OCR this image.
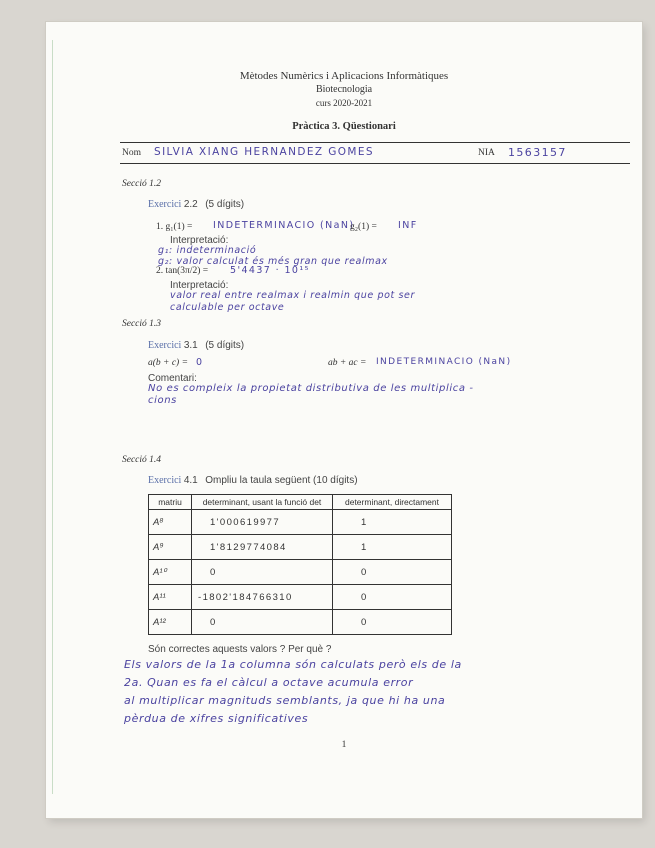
Mètodes Numèrics i Aplicacions Informàtiques
Biotecnologia
curs 2020-2021
Pràctica 3. Qüestionari
Nom SILVIA XIANG HERNANDEZ GOMES	NIA 1563157
Secció 1.2
Exercici 2.2 (5 dígits)
1. g₁(1) = INDETERMINACIO (NaN)
g₂(1) = INF
Interpretació:
g₁: indeterminació
g₂: valor calculat és més gran que realmax
2. tan(3π/2) = 5'4437 · 10¹⁵
Interpretació:
valor real entre realmax i realmin que pot ser
calculable per octave
Secció 1.3
Exercici 3.1 (5 dígits)
a(b + c) = 0	ab + ac = INDETERMINACIO (NaN)
Comentari:
No es compleix la propietat distributiva de les multiplica -
cions
Secció 1.4
Exercici 4.1 Ompliu la taula següent (10 dígits)
matriu	determinant, usant la funció det	determinant, directament
A⁸	1'000619977	1
A⁹	1'8129774084	1
A¹⁰	0	0
A¹¹	-1802'184766310	0
A¹²	0	0
Són correctes aquests valors ? Per què ?
Els valors de la 1a columna són calculats però els de la
2a. Quan es fa el càlcul a octave acumula error
al multiplicar magnituds semblants, ja que hi ha una
pèrdua de xifres significatives
1
